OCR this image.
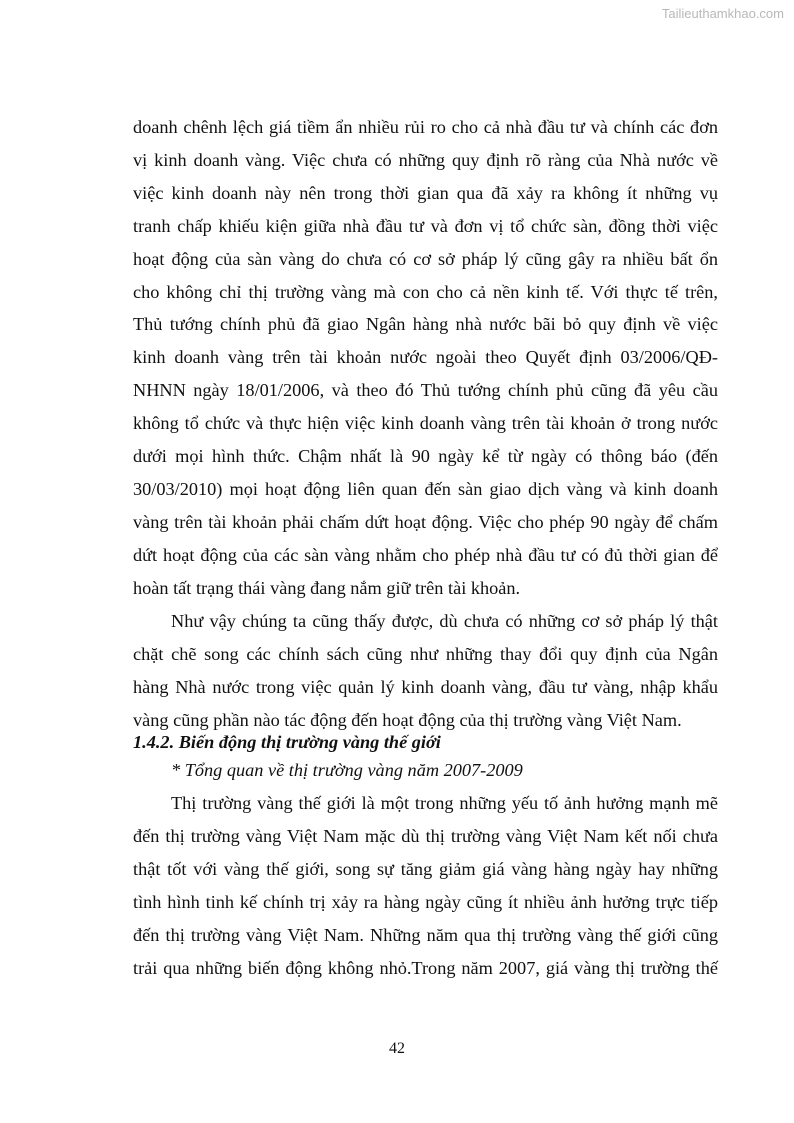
Tailieuthamkhao.com
doanh chênh lệch giá tiềm ẩn nhiều rủi ro cho cả nhà đầu tư và chính các đơn
vị kinh doanh vàng. Việc chưa có những quy định rõ ràng của Nhà nước về
việc kinh doanh này nên trong thời gian qua đã xảy ra không ít những vụ
tranh chấp khiếu kiện giữa nhà đầu tư và đơn vị tổ chức sàn, đồng thời việc
hoạt động của sàn vàng do chưa có cơ sở pháp lý cũng gây ra nhiều bất ổn
cho không chỉ thị trường vàng mà con cho cả nền kinh tế. Với thực tế trên,
Thủ tướng chính phủ đã giao Ngân hàng nhà nước bãi bỏ quy định về việc
kinh doanh vàng trên tài khoản nước ngoài theo Quyết định 03/2006/QĐ-
NHNN ngày 18/01/2006, và theo đó Thủ tướng chính phủ cũng đã yêu cầu
không tổ chức và thực hiện việc kinh doanh vàng trên tài khoản ở trong nước
dưới mọi hình thức. Chậm nhất là 90 ngày kể từ ngày có thông báo (đến
30/03/2010) mọi hoạt động liên quan đến sàn giao dịch vàng và kinh doanh
vàng trên tài khoản phải chấm dứt hoạt động. Việc cho phép 90 ngày để chấm
dứt hoạt động của các sàn vàng nhằm cho phép nhà đầu tư có đủ thời gian để
hoàn tất trạng thái vàng đang nắm giữ trên tài khoản.
Như vậy chúng ta cũng thấy được, dù chưa có những cơ sở pháp lý thật
chặt chẽ song các chính sách cũng như những thay đổi quy định của Ngân
hàng Nhà nước trong việc quản lý kinh doanh vàng, đầu tư vàng, nhập khẩu
vàng cũng phần nào tác động đến hoạt động của thị trường vàng Việt Nam.
1.4.2. Biến động thị trường vàng thế giới
* Tổng quan về thị trường vàng năm 2007-2009
Thị trường vàng thế giới là một trong những yếu tố ảnh hưởng mạnh mẽ
đến thị trường vàng Việt Nam mặc dù thị trường vàng Việt Nam kết nối chưa
thật tốt với vàng thế giới, song sự tăng giảm giá vàng hàng ngày hay những
tình hình tinh kế chính trị xảy ra hàng ngày cũng ít nhiều ảnh hưởng trực tiếp
đến thị trường vàng Việt Nam. Những năm qua thị trường vàng thế giới cũng
trải qua những biến động không nhỏ.Trong năm 2007, giá vàng thị trường thế
42
